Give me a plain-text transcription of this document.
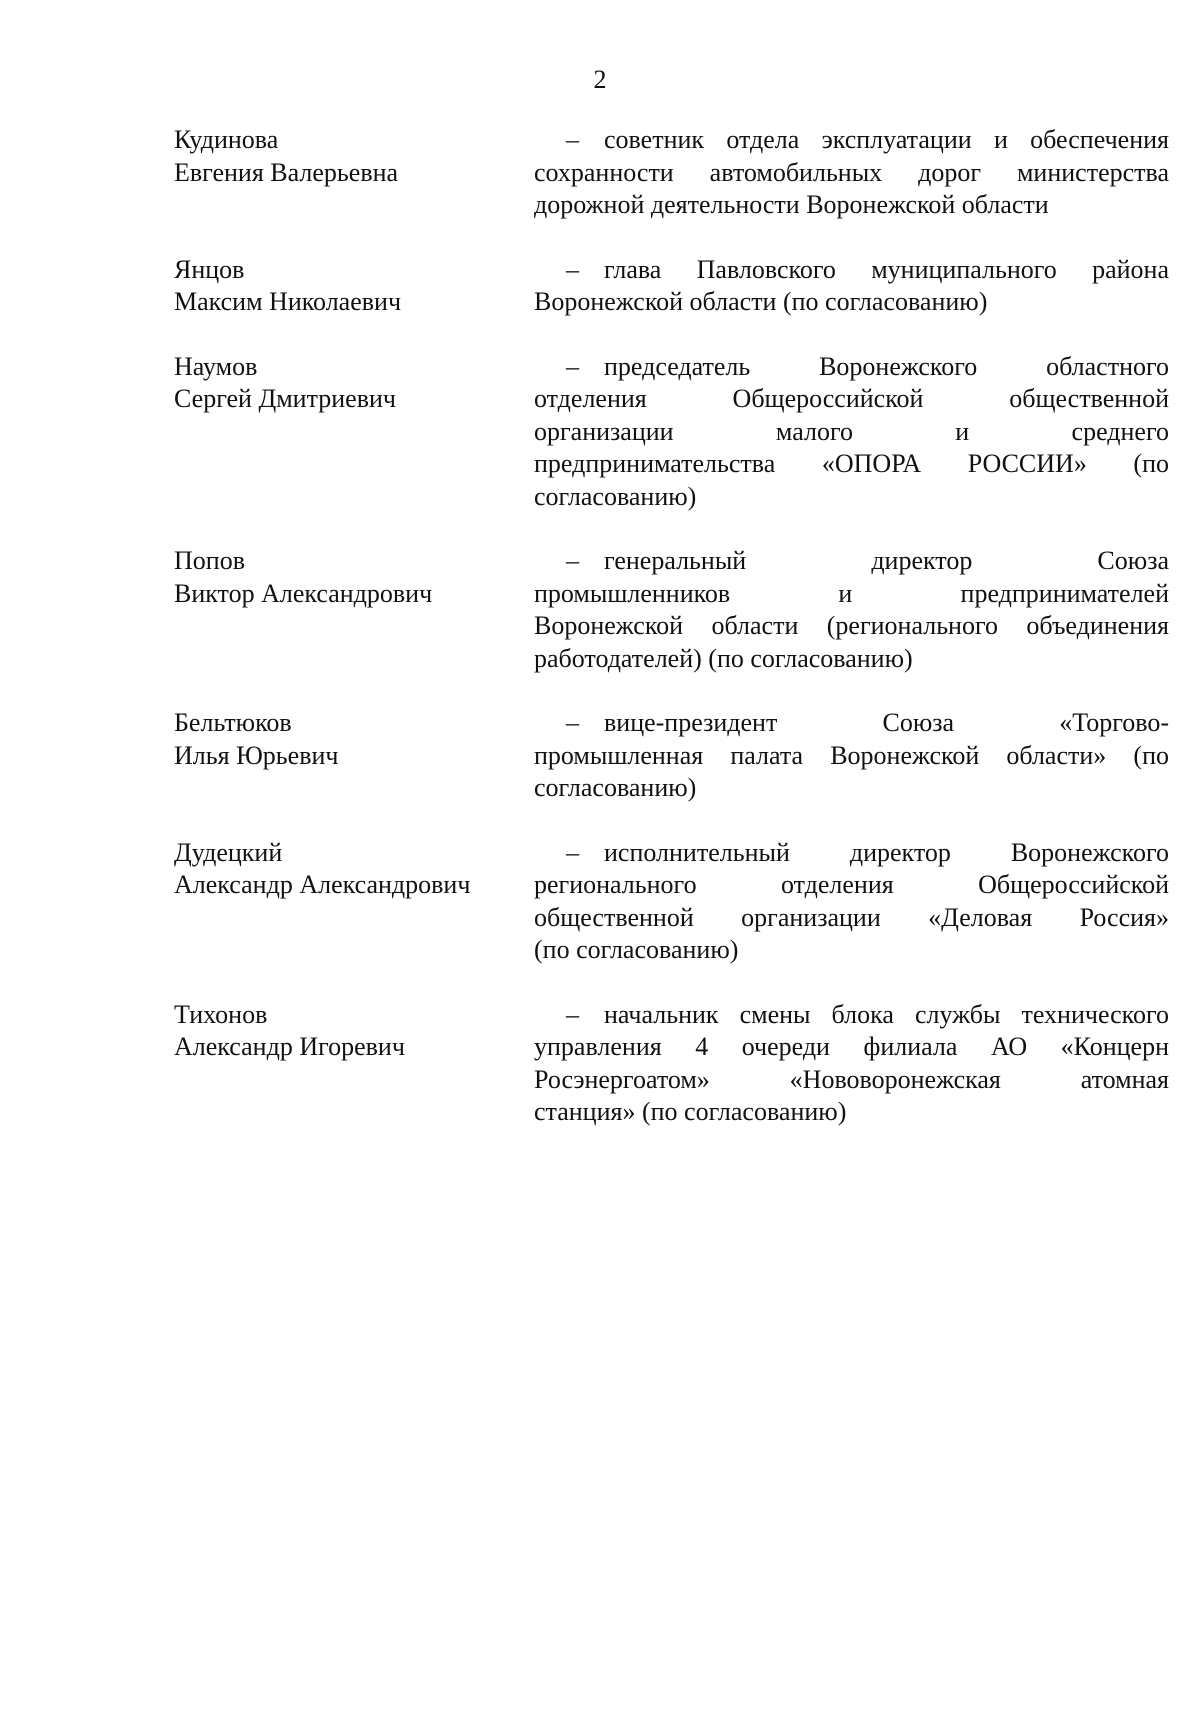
2
Кудинова
Евгения Валерьевна
– советник отдела эксплуатации и обеспечения
сохранности автомобильных дорог министерства
дорожной деятельности Воронежской области
Янцов
Максим Николаевич
– глава Павловского муниципального района
Воронежской области (по согласованию)
Наумов
Сергей Дмитриевич
– председатель Воронежского областного
отделения Общероссийской общественной
организации малого и среднего
предпринимательства «ОПОРА РОССИИ» (по
согласованию)
Попов
Виктор Александрович
– генеральный директор Союза
промышленников и предпринимателей
Воронежской области (регионального объединения
работодателей) (по согласованию)
Бельтюков
Илья Юрьевич
– вице-президент Союза «Торгово-
промышленная палата Воронежской области» (по
согласованию)
Дудецкий
Александр Александрович
– исполнительный директор Воронежского
регионального отделения Общероссийской
общественной организации «Деловая Россия»
(по согласованию)
Тихонов
Александр Игоревич
– начальник смены блока службы технического
управления 4 очереди филиала АО «Концерн
Росэнергоатом» «Нововоронежская атомная
станция» (по согласованию)
